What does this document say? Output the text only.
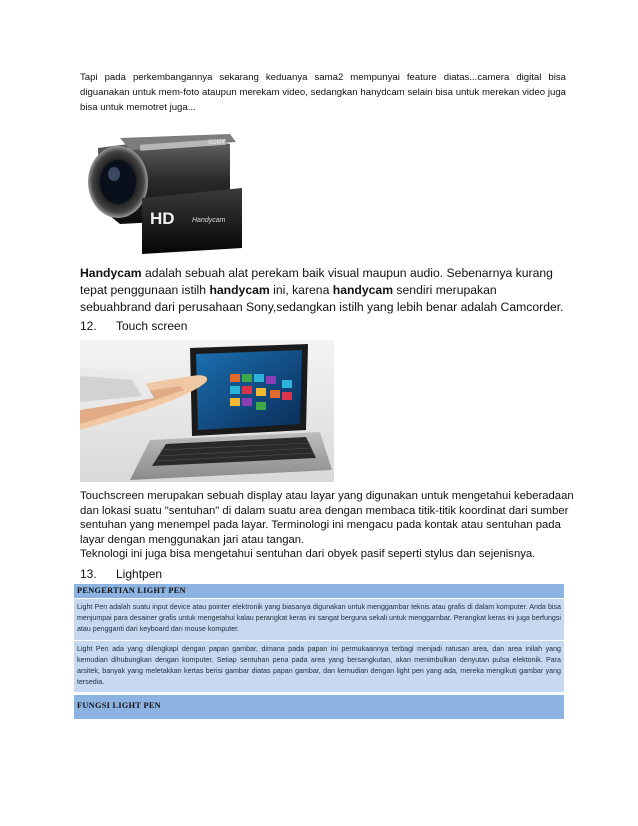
Tapi pada perkembangannya sekarang keduanya sama2 mempunyai feature diatas...camera digital bisa diguanakan untuk mem-foto ataupun merekam video, sedangkan hanydcam selain bisa untuk merekan video juga bisa untuk memotret juga...

SONY
HD Handycam

Handycam adalah sebuah alat perekam baik visual maupun audio. Sebenarnya kurang tepat penggunaan istilh handycam ini, karena handycam sendiri merupakan sebuahbrand dari perusahaan Sony,sedangkan istilh yang lebih benar adalah Camcorder.

12. Touch screen
Touchscreen merupakan sebuah display atau layar yang digunakan untuk mengetahui keberadaan
dan lokasi suatu "sentuhan" di dalam suatu area dengan membaca titik-titik koordinat dari sumber
sentuhan yang menempel pada layar. Terminologi ini mengacu pada kontak atau sentuhan pada
layar dengan menggunakan jari atau tangan.
Teknologi ini juga bisa mengetahui sentuhan dari obyek pasif seperti stylus dan sejenisnya.
13. Lightpen
PENGERTIAN LIGHT PEN
Light Pen adalah suatu input device atau pointer elektronik yang biasanya digunakan untuk menggambar teknis atau grafis di dalam komputer. Anda bisa menjumpai para desainer grafis untuk mengetahui kalau perangkat keras ini sangat berguna sekali untuk menggambar. Perangkat keras ini juga berfungsi atau pengganti dari keyboard dan mouse komputer.
Light Pen ada yang dilengkapi dengan papan gambar, dimana pada papan ini permukaannya terbagi menjadi ratusan area, dan area inilah yang kemudian dihubungkan dengan komputer. Setiap sentuhan pena pada area yang bersangkutan, akan menimbulkan denyutan pulsa elektonik. Para arsitek, banyak yang meletakkan kertas berisi gambar diatas papan gambar, dan kemudian dengan light pen yang ada, mereka mengikuti gambar yang tersedia.
FUNGSI LIGHT PEN
